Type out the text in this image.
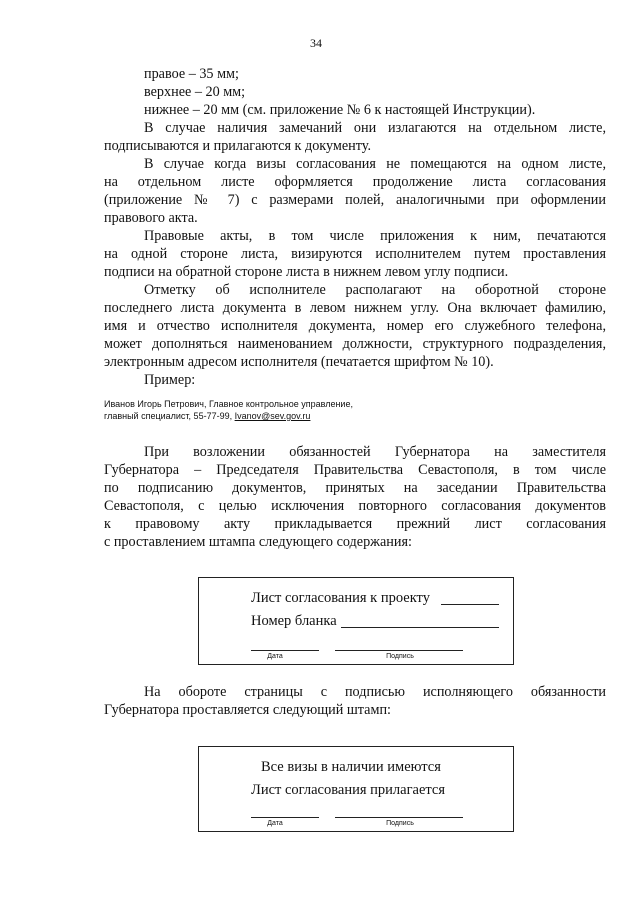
34
правое – 35 мм;
верхнее – 20 мм;
нижнее – 20 мм (см. приложение № 6 к настоящей Инструкции).
В случае наличия замечаний они излагаются на отдельном листе,
подписываются и прилагаются к документу.
В случае когда визы согласования не помещаются на одном листе,
на отдельном листе оформляется продолжение листа согласования
(приложение № 7) с размерами полей, аналогичными при оформлении
правового акта.
Правовые акты, в том числе приложения к ним, печатаются
на одной стороне листа, визируются исполнителем путем проставления
подписи на обратной стороне листа в нижнем левом углу подписи.
Отметку об исполнителе располагают на оборотной стороне
последнего листа документа в левом нижнем углу. Она включает фамилию,
имя и отчество исполнителя документа, номер его служебного телефона,
может дополняться наименованием должности, структурного подразделения,
электронным адресом исполнителя (печатается шрифтом № 10).
Пример:
Иванов Игорь Петрович, Главное контрольное управление,
главный специалист, 55-77-99, Ivanov@sev.gov.ru
При возложении обязанностей Губернатора на заместителя
Губернатора – Председателя Правительства Севастополя, в том числе
по подписанию документов, принятых на заседании Правительства
Севастополя, с целью исключения повторного согласования документов
к правовому акту прикладывается прежний лист согласования
с проставлением штампа следующего содержания:
Лист согласования к проекту
Номер бланка
Дата	Подпись
На обороте страницы с подписью исполняющего обязанности
Губернатора проставляется следующий штамп:
Все визы в наличии имеются
Лист согласования прилагается
Дата	Подпись
